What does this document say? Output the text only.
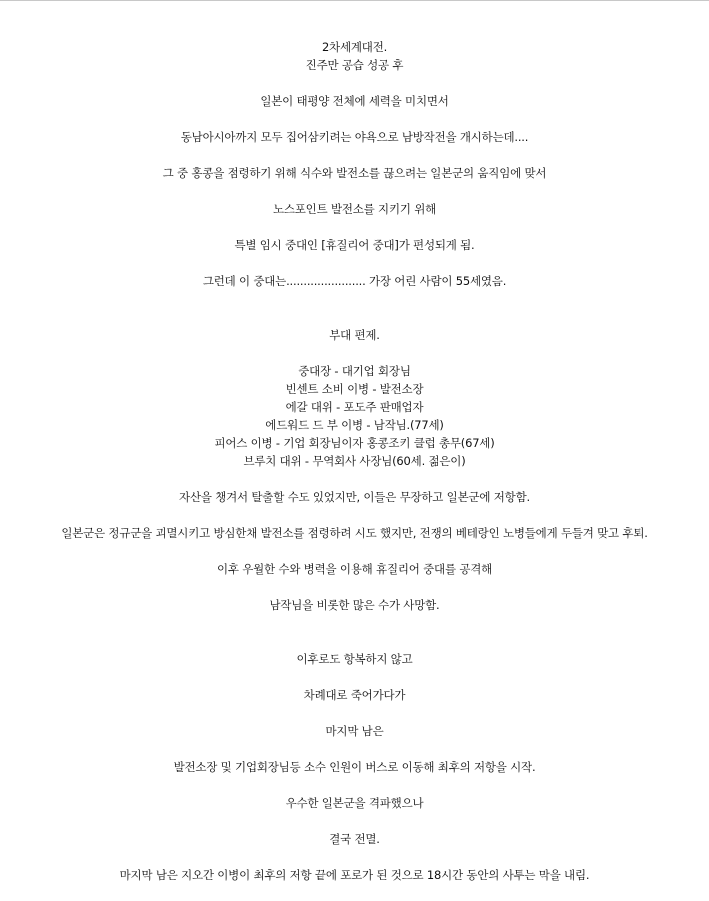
2차세계대전.

진주만 공습 성공 후

일본이 태평양 전체에 세력을 미치면서

동남아시아까지 모두 집어삼키려는 야욕으로 남방작전을 개시하는데....

그 중 홍콩을 점령하기 위해 식수와 발전소를 끊으려는 일본군의 움직임에 맞서

노스포인트 발전소를 지키기 위해

특별 임시 중대인 [휴질리어 중대]가 편성되게 됨.

그런데 이 중대는....................... 가장 어린 사람이 55세였음.

부대 편제.

중대장 - 대기업 회장님

빈센트 소비 이병 - 발전소장

에갈 대위 - 포도주 판매업자

에드워드 드 부 이병 - 남작님.(77세)

피어스 이병 - 기업 회장님이자 홍콩조키 클럽 총무(67세)

브루치 대위 - 무역회사 사장님(60세. 젊은이)

자산을 챙겨서 탈출할 수도 있었지만, 이들은 무장하고 일본군에 저항함.

일본군은 정규군을 괴멸시키고 방심한채 발전소를 점령하려 시도 했지만, 전쟁의 베테랑인 노병들에게 두들겨 맞고 후퇴.

이후 우월한 수와 병력을 이용해 휴질리어 중대를 공격해

남작님을 비롯한 많은 수가 사망함.

이후로도 항복하지 않고

차례대로 죽어가다가

마지막 남은

발전소장 및 기업회장님등 소수 인원이 버스로 이동해 최후의 저항을 시작.

우수한 일본군을 격파했으나

결국 전멸.

마지막 남은 지오간 이병이 최후의 저항 끝에 포로가 된 것으로 18시간 동안의 사투는 막을 내림.
